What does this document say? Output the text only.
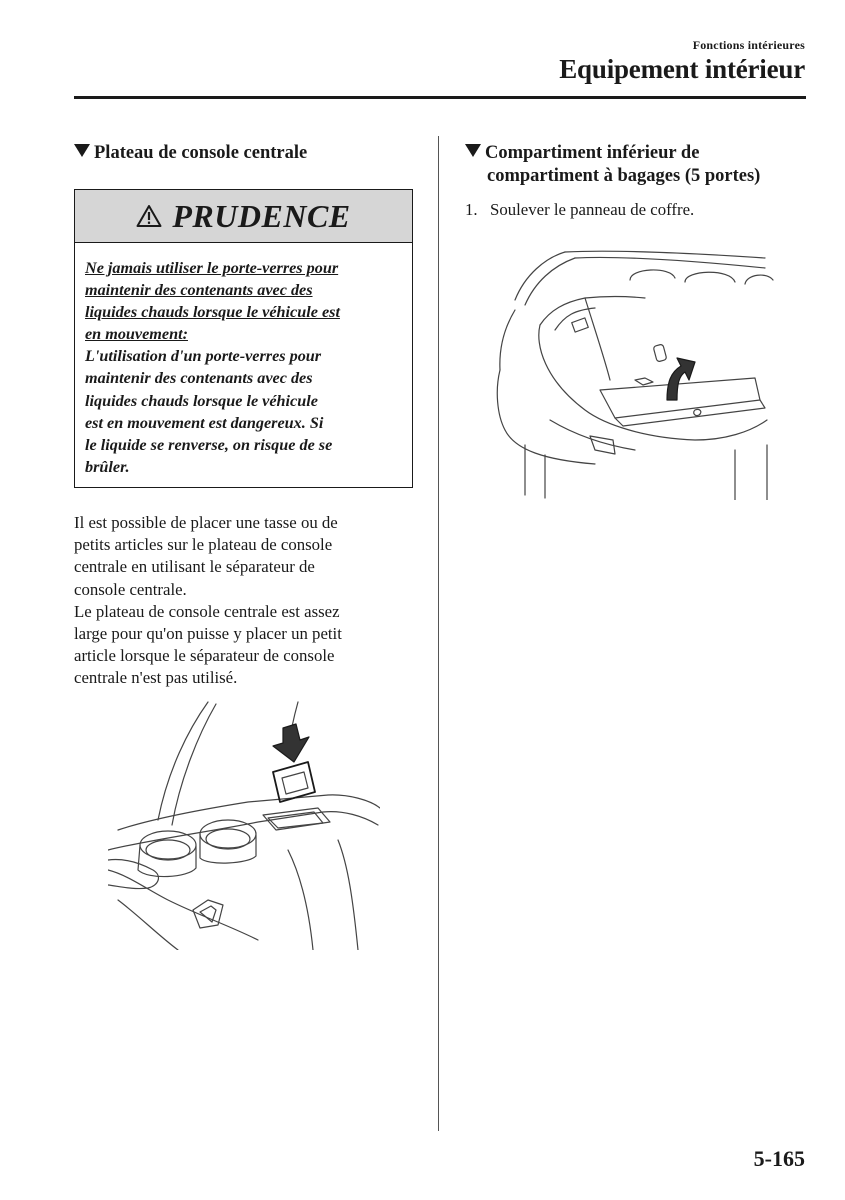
Fonctions intérieures
Equipement intérieur
Plateau de console centrale
PRUDENCE
Ne jamais utiliser le porte-verres pour
maintenir des contenants avec des
liquides chauds lorsque le véhicule est
en mouvement:
L'utilisation d'un porte-verres pour
maintenir des contenants avec des
liquides chauds lorsque le véhicule
est en mouvement est dangereux. Si
le liquide se renverse, on risque de se
brûler.
Il est possible de placer une tasse ou de
petits articles sur le plateau de console
centrale en utilisant le séparateur de
console centrale.
Le plateau de console centrale est assez
large pour qu'on puisse y placer un petit
article lorsque le séparateur de console
centrale n'est pas utilisé.
Compartiment inférieur de
compartiment à bagages (5 portes)
1. Soulever le panneau de coffre.
5-165
